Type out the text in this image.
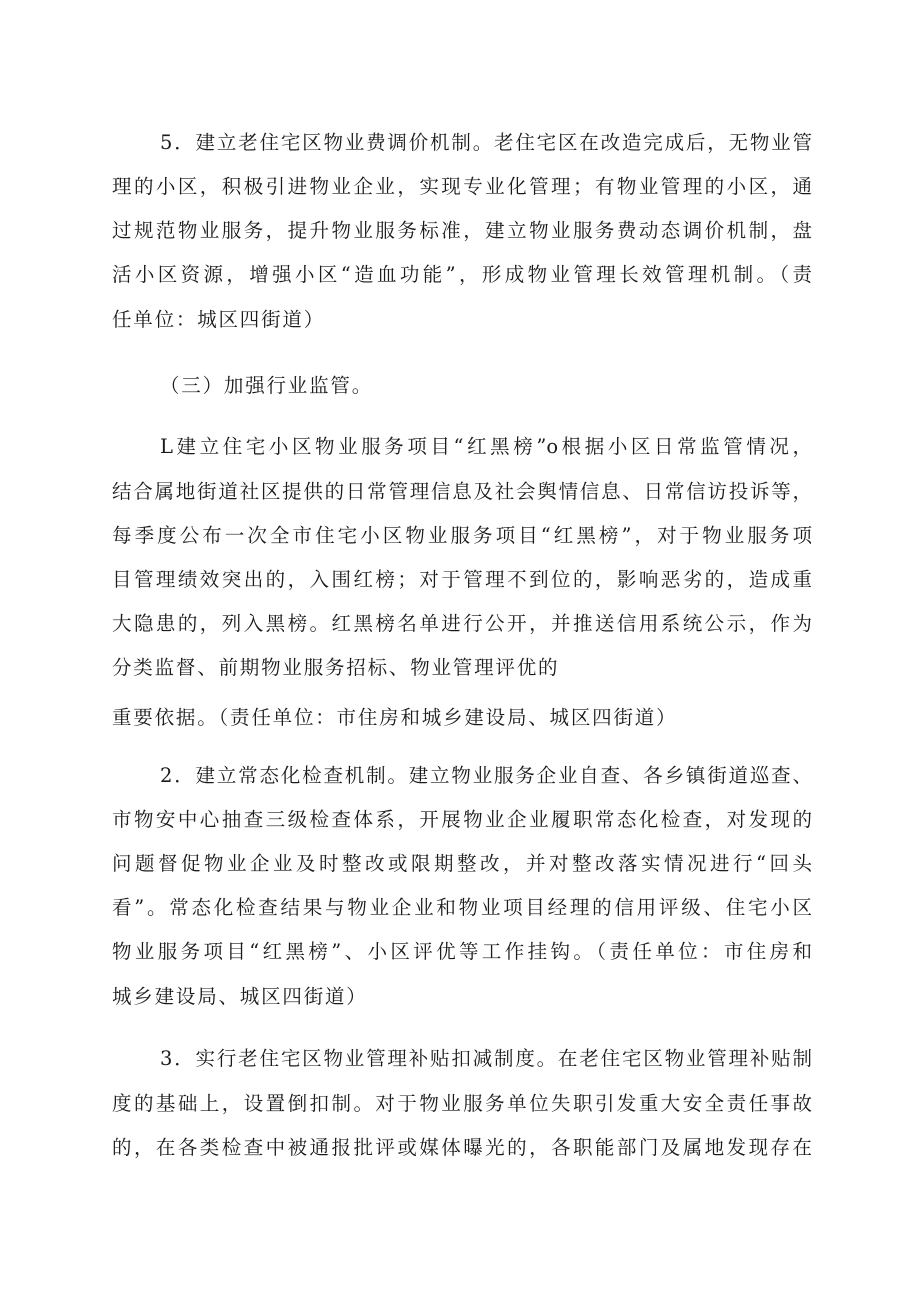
5．建立老住宅区物业费调价机制。老住宅区在改造完成后，无物业管
理的小区，积极引进物业企业，实现专业化管理；有物业管理的小区，通
过规范物业服务，提升物业服务标准，建立物业服务费动态调价机制，盘
活小区资源，增强小区“造血功能”，形成物业管理长效管理机制。（责
任单位：城区四街道）
（三）加强行业监管。
L建立住宅小区物业服务项目“红黑榜”o根据小区日常监管情况，
结合属地街道社区提供的日常管理信息及社会舆情信息、日常信访投诉等，
每季度公布一次全市住宅小区物业服务项目“红黑榜”，对于物业服务项
目管理绩效突出的，入围红榜；对于管理不到位的，影响恶劣的，造成重
大隐患的，列入黑榜。红黑榜名单进行公开，并推送信用系统公示，作为
分类监督、前期物业服务招标、物业管理评优的
重要依据。（责任单位：市住房和城乡建设局、城区四街道）
2．建立常态化检查机制。建立物业服务企业自查、各乡镇街道巡查、
市物安中心抽查三级检查体系，开展物业企业履职常态化检查，对发现的
问题督促物业企业及时整改或限期整改，并对整改落实情况进行“回头
看”。常态化检查结果与物业企业和物业项目经理的信用评级、住宅小区
物业服务项目“红黑榜”、小区评优等工作挂钩。（责任单位：市住房和
城乡建设局、城区四街道）
3．实行老住宅区物业管理补贴扣减制度。在老住宅区物业管理补贴制
度的基础上，设置倒扣制。对于物业服务单位失职引发重大安全责任事故
的，在各类检查中被通报批评或媒体曝光的，各职能部门及属地发现存在
